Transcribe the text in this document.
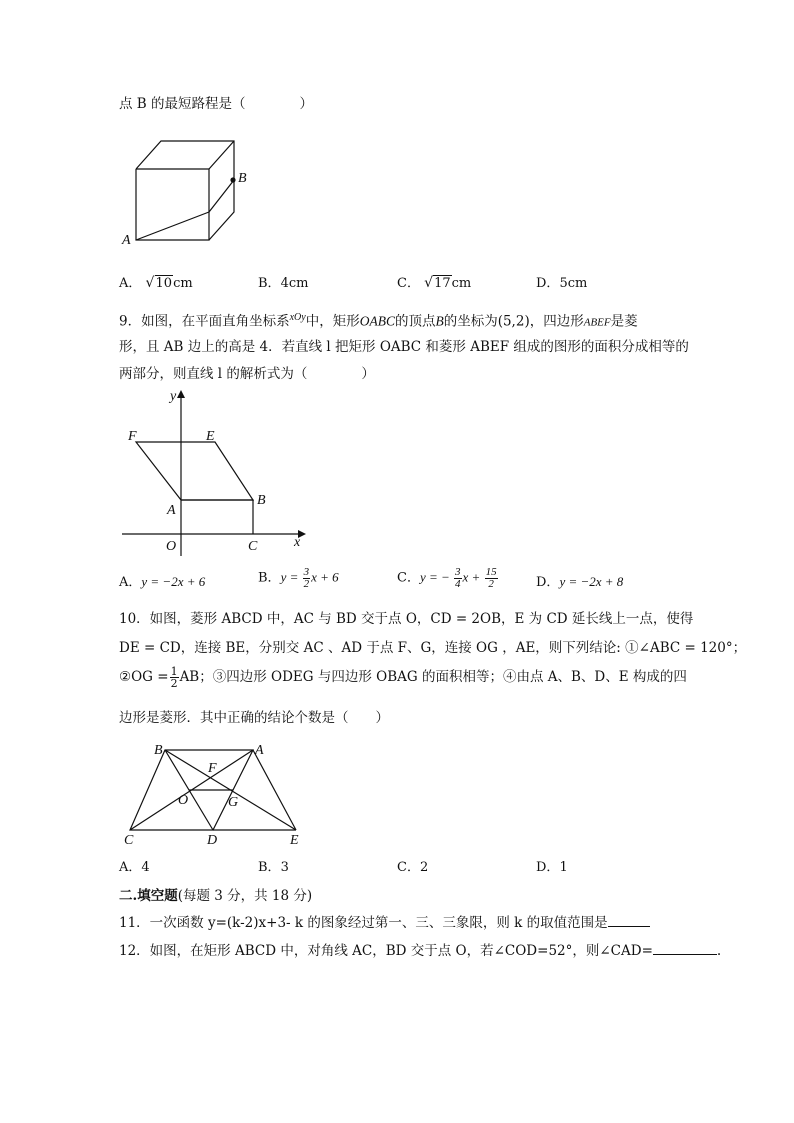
点 B 的最短路程是（　　　　）
B
A
A． √ 10cm	B．4cm	C． √ 17cm	D．5cm
9．如图，在平面直角坐标系$^{xOy}$中，矩形OABC的顶点B的坐标为(5,2)，四边形ABEF是菱
形，且 AB 边上的高是 4．若直线 l 把矩形 OABC 和菱形 ABEF 组成的图形的面积分成相等的
两部分，则直线 l 的解析式为（　　　　）
y
x
F	E
A
B
O	C
A．y = −2x + 6	B．$y = \frac{3}{2}$ x + 6	C．y = − $\frac{3}{4}$ $x + \frac{15}{2}$	D．y = −2x + 8
10．如图，菱形 ABCD 中，AC 与 BD 交于点 O，CD = 2OB，E 为 CD 延长线上一点，使得
DE = CD，连接 BE，分别交 AC 、AD 于点 F、G，连接 OG ，AE，则下列结论: ①∠ABC = 120°；
②OG = $\frac{1}{2}$ AB；③四边形 ODEG 与四边形 OBAG 的面积相等；④由点 A、B、D、E 构成的四
边形是菱形．其中正确的结论个数是（　　）
B	A
F
O	G
C	D	E
A．4	B．3	C．2	D．1
二.填空题(每题 3 分，共 18 分)
11．一次函数 y=(k-2)x+3- k 的图象经过第一、三、三象限，则 k 的取值范围是
12．如图，在矩形 ABCD 中，对角线 AC，BD 交于点 O，若∠COD=52°，则∠CAD=	.
